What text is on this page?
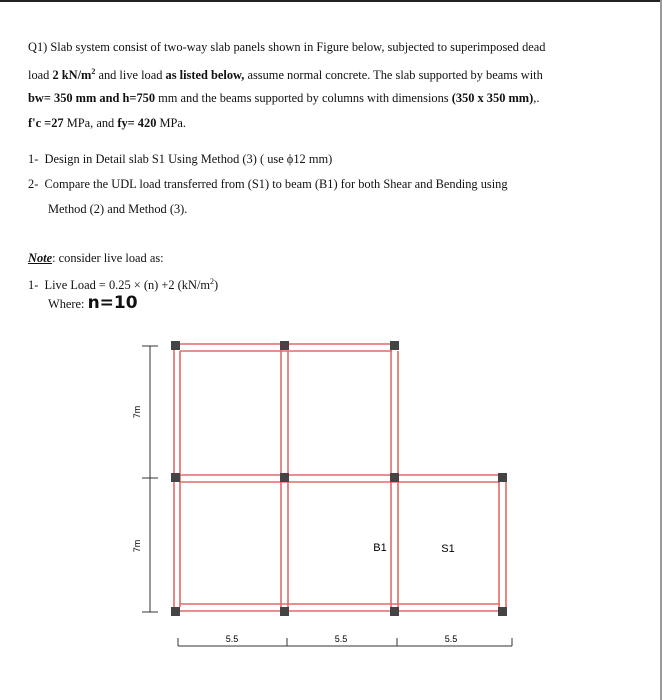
Q1) Slab system consist of two-way slab panels shown in Figure below, subjected to superimposed dead
load 2 $kN/m^2$ and live load as listed below, assume normal concrete. The slab supported by beams with
bw= 350 mm and h=750 mm and the beams supported by columns with dimensions (350 x 350 mm),.
f'c =27 MPa, and fy= 420 MPa.
1- Design in Detail slab S1 Using Method (3) ( use ϕ12 mm)
2- Compare the UDL load transferred from (S1) to beam (B1) for both Shear and Bending using
Method (2) and Method (3).
Note: consider live load as:
1- Live Load = 0.25 × (n) +2 $(kN/m^2)$
Where: n=10
7m
7m	B1	S1
5.5	5.5	5.5
